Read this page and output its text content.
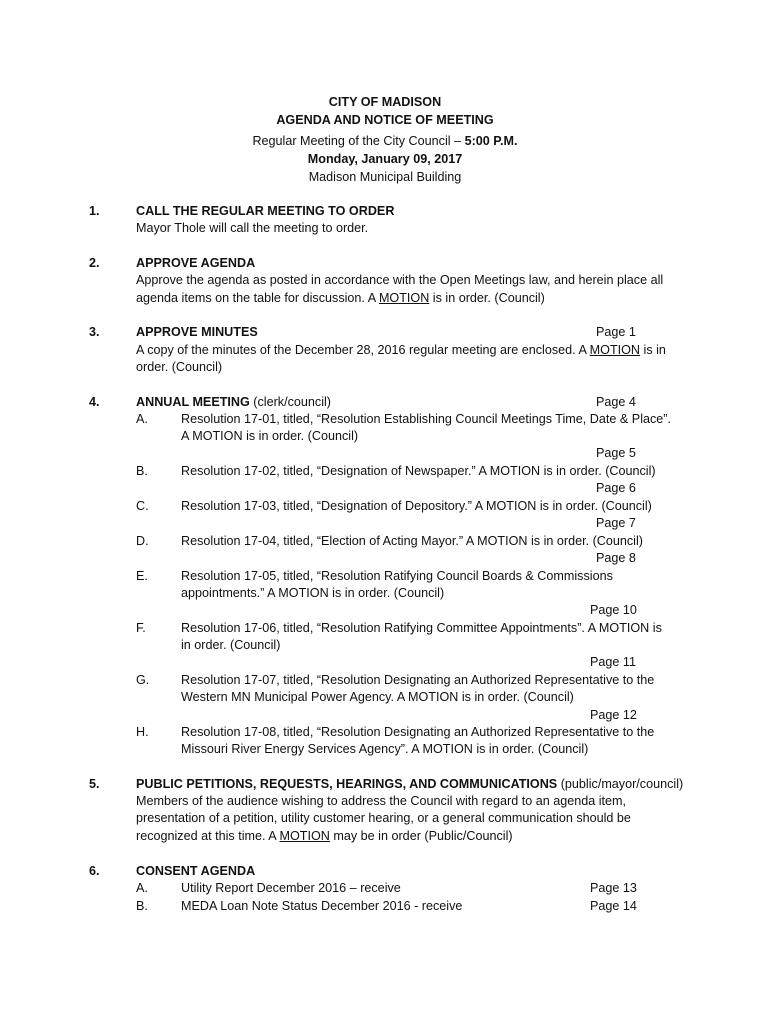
CITY OF MADISON
AGENDA AND NOTICE OF MEETING
Regular Meeting of the City Council – 5:00 P.M.
Monday, January 09, 2017
Madison Municipal Building
1.	CALL THE REGULAR MEETING TO ORDER
Mayor Thole will call the meeting to order.
2.	APPROVE AGENDA
Approve the agenda as posted in accordance with the Open Meetings law, and herein place all
agenda items on the table for discussion. A MOTION is in order. (Council)
3.	APPROVE MINUTES	Page 1
A copy of the minutes of the December 28, 2016 regular meeting are enclosed. A MOTION is in
order. (Council)
4.	ANNUAL MEETING (clerk/council)	Page 4
A.	Resolution 17-01, titled, “Resolution Establishing Council Meetings Time, Date & Place”.
A MOTION is in order. (Council)
Page 5
B.	Resolution 17-02, titled, “Designation of Newspaper.” A MOTION is in order. (Council)
Page 6
C.	Resolution 17-03, titled, “Designation of Depository.” A MOTION is in order. (Council)
Page 7
D.	Resolution 17-04, titled, “Election of Acting Mayor.” A MOTION is in order. (Council)
Page 8
E.	Resolution 17-05, titled, “Resolution Ratifying Council Boards & Commissions
appointments.” A MOTION is in order. (Council)
Page 10
F.	Resolution 17-06, titled, “Resolution Ratifying Committee Appointments”. A MOTION is
in order. (Council)
Page 11
G.	Resolution 17-07, titled, “Resolution Designating an Authorized Representative to the
Western MN Municipal Power Agency. A MOTION is in order. (Council)
Page 12
H.	Resolution 17-08, titled, “Resolution Designating an Authorized Representative to the
Missouri River Energy Services Agency”. A MOTION is in order. (Council)
5.	PUBLIC PETITIONS, REQUESTS, HEARINGS, AND COMMUNICATIONS (public/mayor/council)
Members of the audience wishing to address the Council with regard to an agenda item,
presentation of a petition, utility customer hearing, or a general communication should be
recognized at this time. A MOTION may be in order (Public/Council)
6.	CONSENT AGENDA
A.	Utility Report December 2016 – receive	Page 13
B.	MEDA Loan Note Status December 2016 - receive	Page 14
